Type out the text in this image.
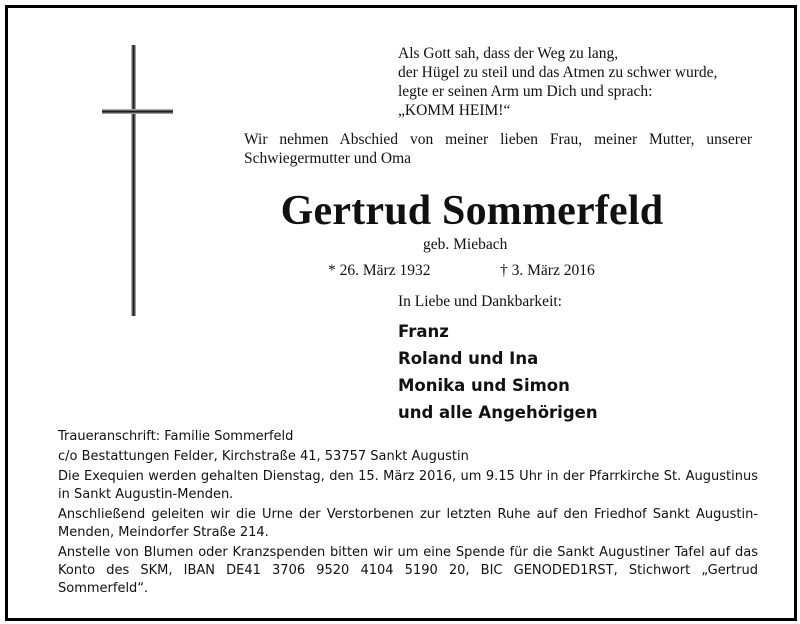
Als Gott sah, dass der Weg zu lang,
der Hügel zu steil und das Atmen zu schwer wurde,
legte er seinen Arm um Dich und sprach:
„KOMM HEIM!“
Wir nehmen Abschied von meiner lieben Frau, meiner Mutter, unserer Schwiegermutter und Oma
Gertrud Sommerfeld
geb. Miebach
* 26. März 1932	† 3. März 2016
In Liebe und Dankbarkeit:
Franz
Roland und Ina
Monika und Simon
und alle Angehörigen

Traueranschrift: Familie Sommerfeld

c/o Bestattungen Felder, Kirchstraße 41, 53757 Sankt Augustin

Die Exequien werden gehalten Dienstag, den 15. März 2016, um 9.15 Uhr in der Pfarrkirche St. Augustinus in Sankt Augustin-Menden.

Anschließend geleiten wir die Urne der Verstorbenen zur letzten Ruhe auf den Friedhof Sankt Augustin-Menden, Meindorfer Straße 214.

Anstelle von Blumen oder Kranzspenden bitten wir um eine Spende für die Sankt Augustiner Tafel auf das Konto des SKM, IBAN DE41 3706 9520 4104 5190 20, BIC GENODED1RST, Stichwort „Gertrud Sommerfeld“.
